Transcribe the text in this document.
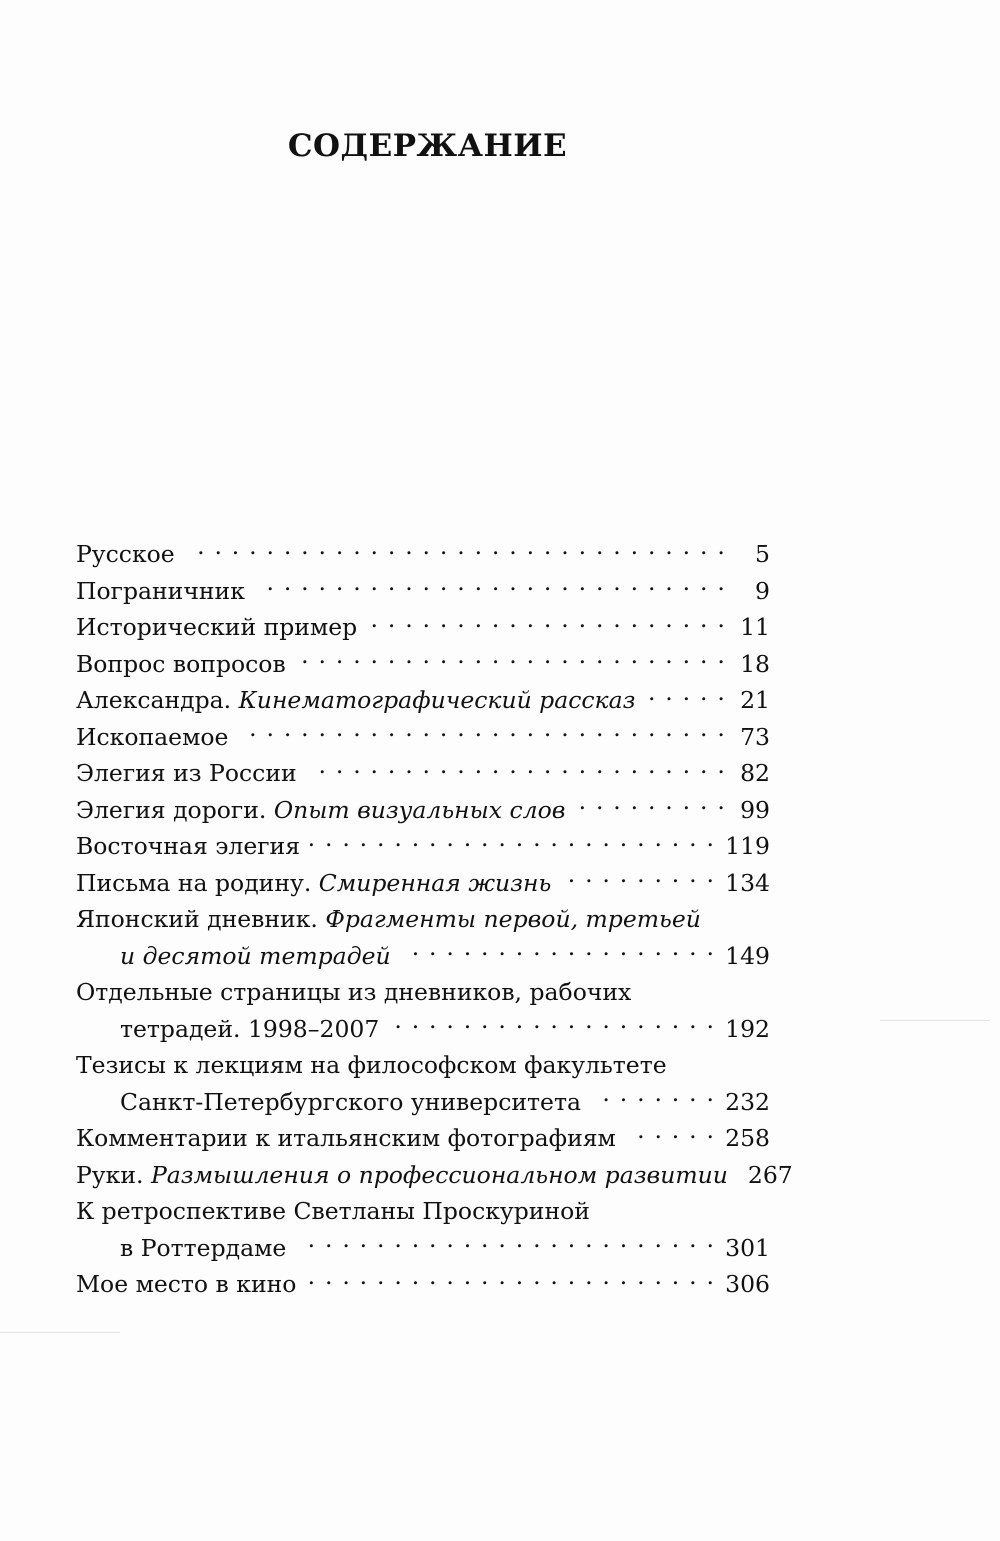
СОДЕРЖАНИЕ
Русское . . .	5
Пограничник . . .	9
Исторический пример . . .	11
Вопрос вопросов . . .	18
Александра. Кинематографический рассказ . . .	21
Ископаемое . . .	73
Элегия из России . . .	82
Элегия дороги. Опыт визуальных слов . . .	99
Восточная элегия . . .	119
Письма на родину. Смиренная жизнь . . .	134
Японский дневник. Фрагменты первой, третьей
и десятой тетрадей . . .	149
Отдельные страницы из дневников, рабочих
тетрадей. 1998–2007 . . .	192
Тезисы к лекциям на философском факультете
Санкт-Петербургского университета . . .	232
Комментарии к итальянским фотографиям . . .	258
Руки. Размышления о профессиональном развитии 267
К ретроспективе Светланы Проскуриной
в Роттердаме . . .	301
Мое место в кино . . .	306
